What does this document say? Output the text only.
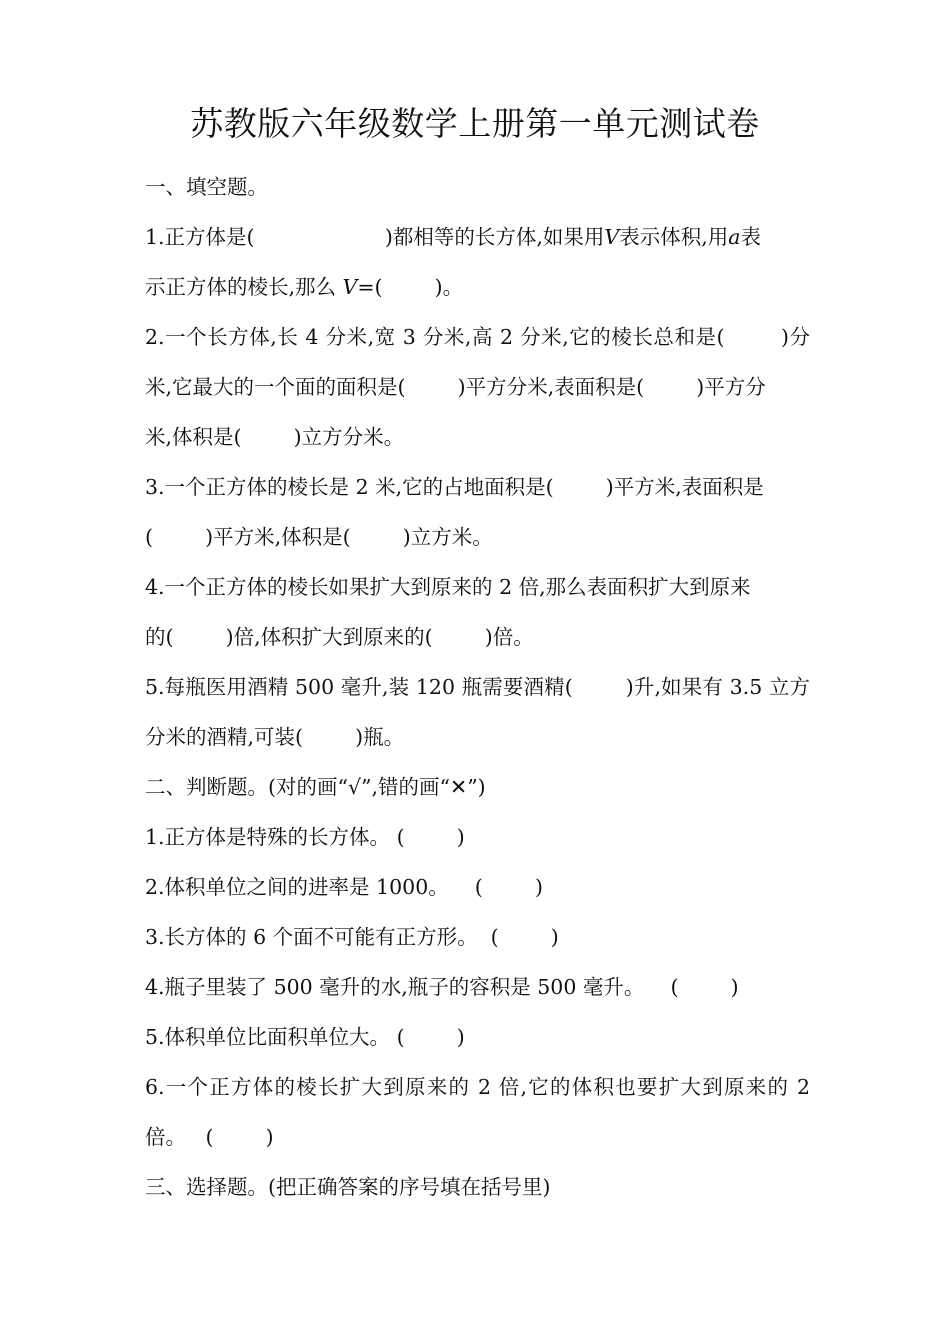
苏教版六年级数学上册第一单元测试卷
一、填空题。
1.正方体是(                    )都相等的长方体,如果用V表示体积,用a表
示正方体的棱长,那么 V=(        )。
2.一个长方体,长 4 分米,宽 3 分米,高 2 分米,它的棱长总和是(        )分
米,它最大的一个面的面积是(        )平方分米,表面积是(        )平方分
米,体积是(        )立方分米。
3.一个正方体的棱长是 2 米,它的占地面积是(        )平方米,表面积是
(        )平方米,体积是(        )立方米。
4.一个正方体的棱长如果扩大到原来的 2 倍,那么表面积扩大到原来
的(        )倍,体积扩大到原来的(        )倍。
5.每瓶医用酒精 500 毫升,装 120 瓶需要酒精(        )升,如果有 3.5 立方
分米的酒精,可装(        )瓶。
二、判断题。(对的画“√”,错的画“✕”)
1.正方体是特殊的长方体。 (        )
2.体积单位之间的进率是 1000。    (        )
3.长方体的 6 个面不可能有正方形。  (        )
4.瓶子里装了 500 毫升的水,瓶子的容积是 500 毫升。    (        )
5.体积单位比面积单位大。 (        )
6.一个正方体的棱长扩大到原来的 2 倍,它的体积也要扩大到原来的 2
倍。   (        )
三、选择题。(把正确答案的序号填在括号里)
